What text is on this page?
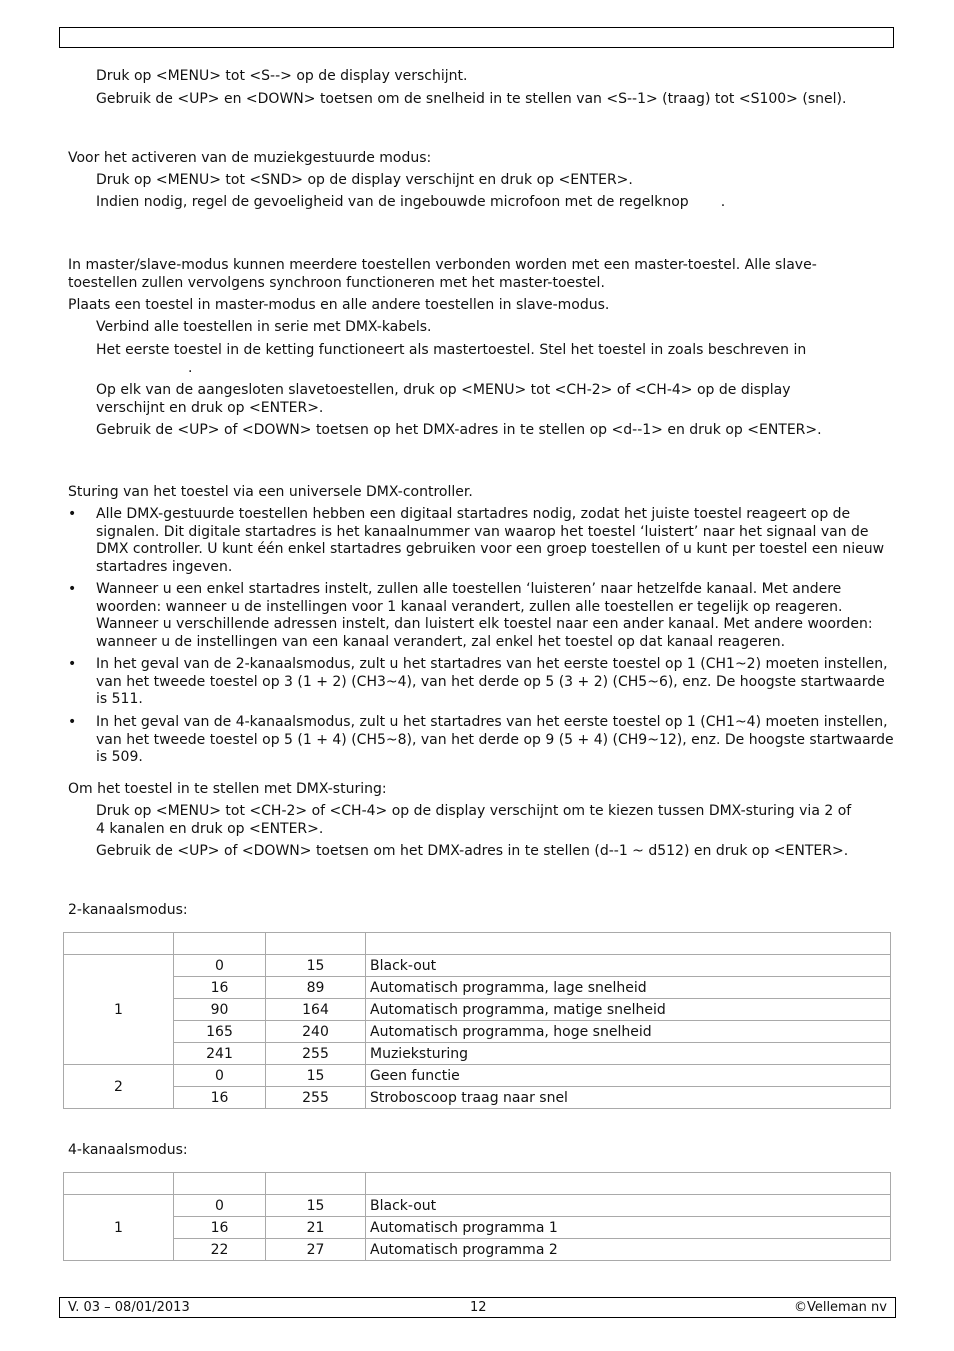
Druk op <MENU> tot <S--> op de display verschijnt.
Gebruik de <UP> en <DOWN> toetsen om de snelheid in te stellen van <S--1> (traag) tot <S100> (snel).
Voor het activeren van de muziekgestuurde modus:
Druk op <MENU> tot <SND> op de display verschijnt en druk op <ENTER>.
Indien nodig, regel de gevoeligheid van de ingebouwde microfoon met de regelknop .
In master/slave-modus kunnen meerdere toestellen verbonden worden met een master-toestel. Alle slave-
toestellen zullen vervolgens synchroon functioneren met het master-toestel.
Plaats een toestel in master-modus en alle andere toestellen in slave-modus.
Verbind alle toestellen in serie met DMX-kabels.
Het eerste toestel in de ketting functioneert als mastertoestel. Stel het toestel in zoals beschreven in
.
Op elk van de aangesloten slavetoestellen, druk op <MENU> tot <CH-2> of <CH-4> op de display
verschijnt en druk op <ENTER>.
Gebruik de <UP> of <DOWN> toetsen op het DMX-adres in te stellen op <d--1> en druk op <ENTER>.
Sturing van het toestel via een universele DMX-controller.
• Alle DMX-gestuurde toestellen hebben een digitaal startadres nodig, zodat het juiste toestel reageert op de signalen. Dit digitale startadres is het kanaalnummer van waarop het toestel ‘luistert’ naar het signaal van de DMX controller. U kunt één enkel startadres gebruiken voor een groep toestellen of u kunt per toestel een nieuw startadres ingeven.
• Wanneer u een enkel startadres instelt, zullen alle toestellen ‘luisteren’ naar hetzelfde kanaal. Met andere woorden: wanneer u de instellingen voor 1 kanaal verandert, zullen alle toestellen er tegelijk op reageren. Wanneer u verschillende adressen instelt, dan luistert elk toestel naar een ander kanaal. Met andere woorden: wanneer u de instellingen van een kanaal verandert, zal enkel het toestel op dat kanaal reageren.
• In het geval van de 2-kanaalsmodus, zult u het startadres van het eerste toestel op 1 (CH1~2) moeten instellen, van het tweede toestel op 3 (1 + 2) (CH3~4), van het derde op 5 (3 + 2) (CH5~6), enz. De hoogste startwaarde is 511.
• In het geval van de 4-kanaalsmodus, zult u het startadres van het eerste toestel op 1 (CH1~4) moeten instellen, van het tweede toestel op 5 (1 + 4) (CH5~8), van het derde op 9 (5 + 4) (CH9~12), enz. De hoogste startwaarde is 509.
Om het toestel in te stellen met DMX-sturing:
Druk op <MENU> tot <CH-2> of <CH-4> op de display verschijnt om te kiezen tussen DMX-sturing via 2 of
4 kanalen en druk op <ENTER>.
Gebruik de <UP> of <DOWN> toetsen om het DMX-adres in te stellen (d--1 ~ d512) en druk op <ENTER>.
2-kanaalsmodus:

1	0	15	Black-out
	16	89	Automatisch programma, lage snelheid
	90	164	Automatisch programma, matige snelheid
	165	240	Automatisch programma, hoge snelheid
	241	255	Muzieksturing
2	0	15	Geen functie
	16	255	Stroboscoop traag naar snel
4-kanaalsmodus:

1	0	15	Black-out
	16	21	Automatisch programma 1
	22	27	Automatisch programma 2
V. 03 – 08/01/2013	12	©Velleman nv
